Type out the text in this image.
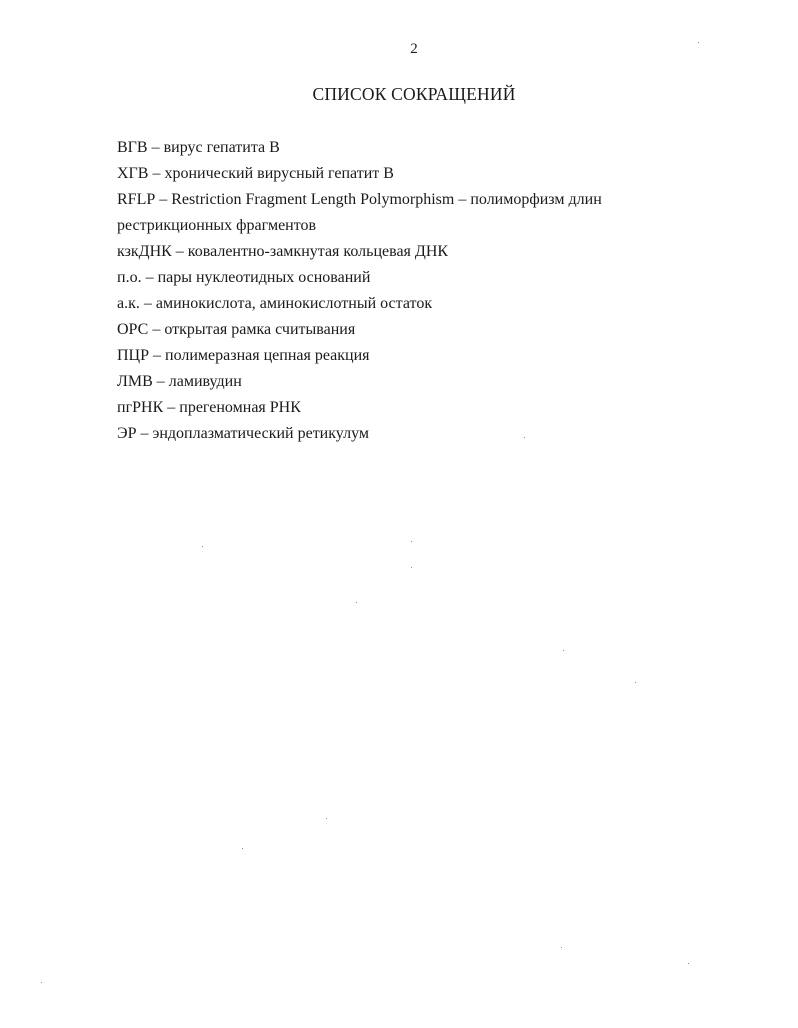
2
СПИСОК СОКРАЩЕНИЙ
ВГВ – вирус гепатита В
ХГВ – хронический вирусный гепатит В
RFLP – Restriction Fragment Length Polymorphism – полиморфизм длин рестрикционных фрагментов
кзкДНК – ковалентно-замкнутая кольцевая ДНК
п.о. – пары нуклеотидных оснований
а.к. – аминокислота, аминокислотный остаток
ОРС – открытая рамка считывания
ПЦР – полимеразная цепная реакция
ЛМВ – ламивудин
пгРНК – прегеномная РНК
ЭР – эндоплазматический ретикулум
